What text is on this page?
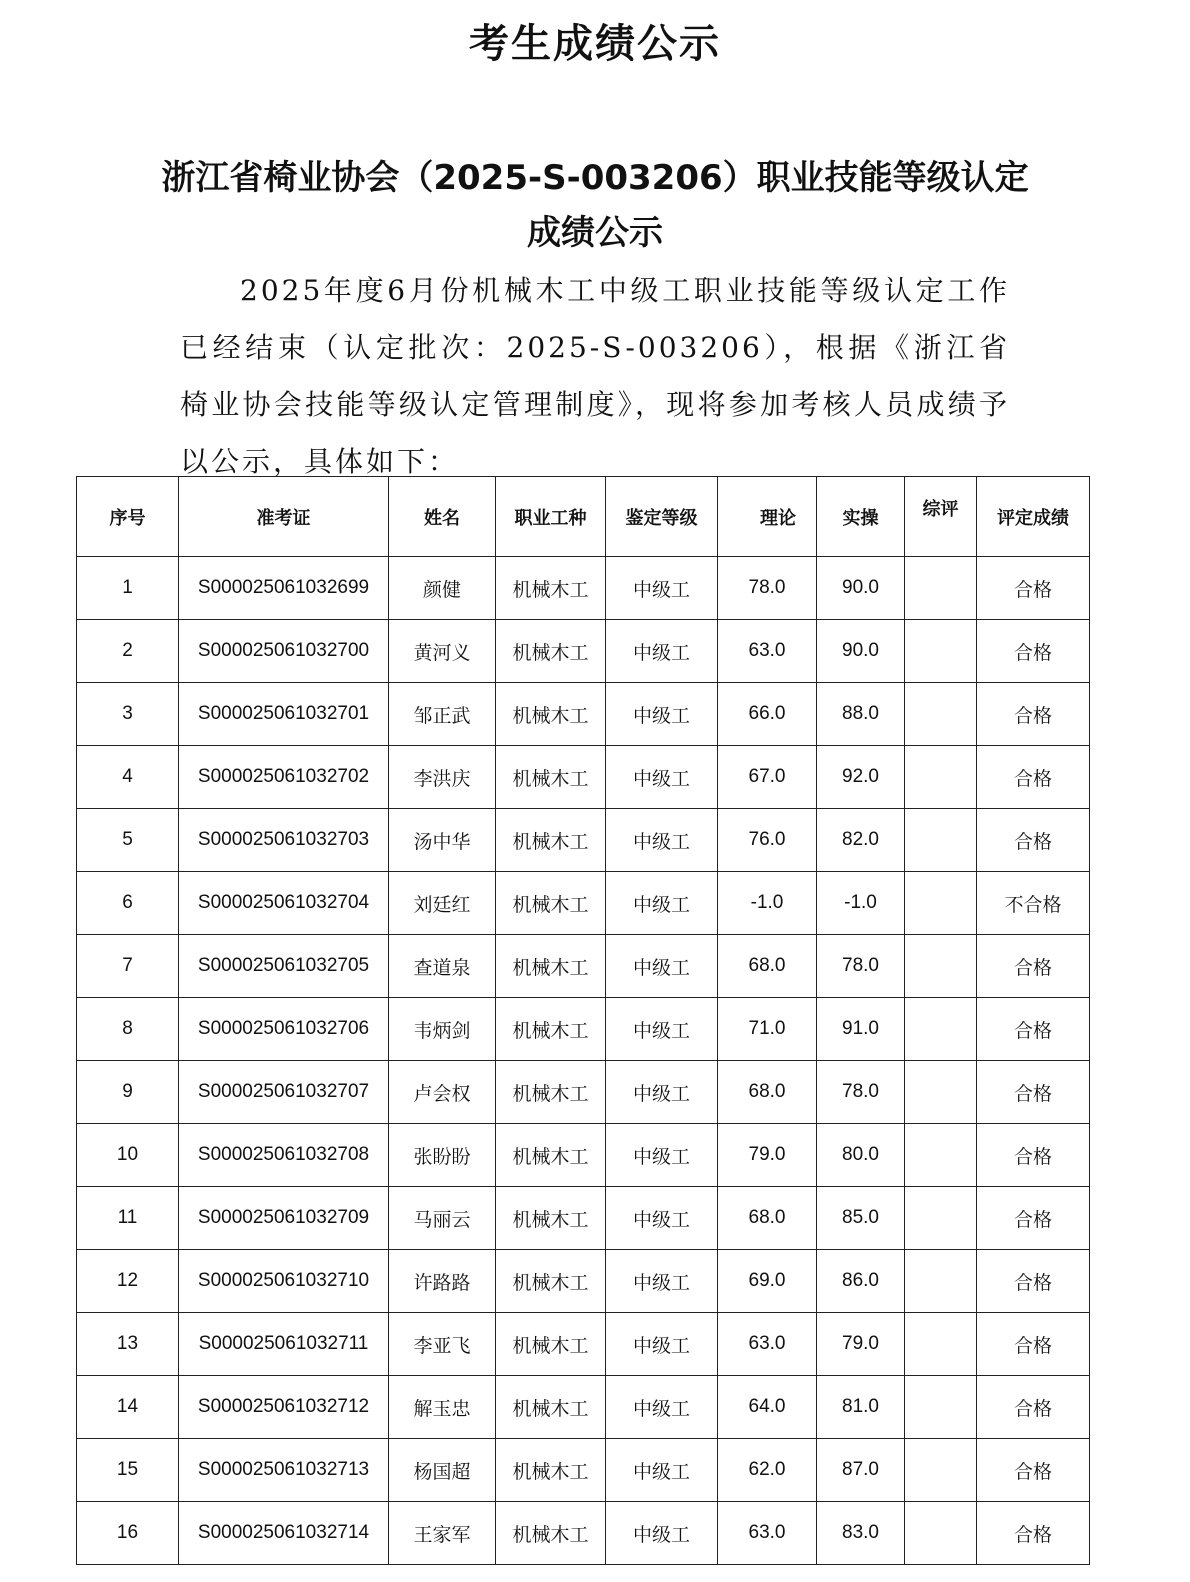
考生成绩公示
浙江省椅业协会（2025-S-003206）职业技能等级认定
成绩公示
2025年度6月份机械木工中级工职业技能等级认定工作已经结束（认定批次：2025-S-003206），根据《浙江省椅业协会技能等级认定管理制度》，现将参加考核人员成绩予以公示，具体如下：
序号	准考证	姓名	职业工种	鉴定等级	理论	实操	综评	评定成绩
1	S000025061032699	颜健	机械木工	中级工	78.0	90.0		合格
2	S000025061032700	黄河义	机械木工	中级工	63.0	90.0		合格
3	S000025061032701	邹正武	机械木工	中级工	66.0	88.0		合格
4	S000025061032702	李洪庆	机械木工	中级工	67.0	92.0		合格
5	S000025061032703	汤中华	机械木工	中级工	76.0	82.0		合格
6	S000025061032704	刘廷红	机械木工	中级工	-1.0	-1.0		不合格
7	S000025061032705	查道泉	机械木工	中级工	68.0	78.0		合格
8	S000025061032706	韦炳剑	机械木工	中级工	71.0	91.0		合格
9	S000025061032707	卢会权	机械木工	中级工	68.0	78.0		合格
10	S000025061032708	张盼盼	机械木工	中级工	79.0	80.0		合格
11	S000025061032709	马丽云	机械木工	中级工	68.0	85.0		合格
12	S000025061032710	许路路	机械木工	中级工	69.0	86.0		合格
13	S000025061032711	李亚飞	机械木工	中级工	63.0	79.0		合格
14	S000025061032712	解玉忠	机械木工	中级工	64.0	81.0		合格
15	S000025061032713	杨国超	机械木工	中级工	62.0	87.0		合格
16	S000025061032714	王家军	机械木工	中级工	63.0	83.0		合格
